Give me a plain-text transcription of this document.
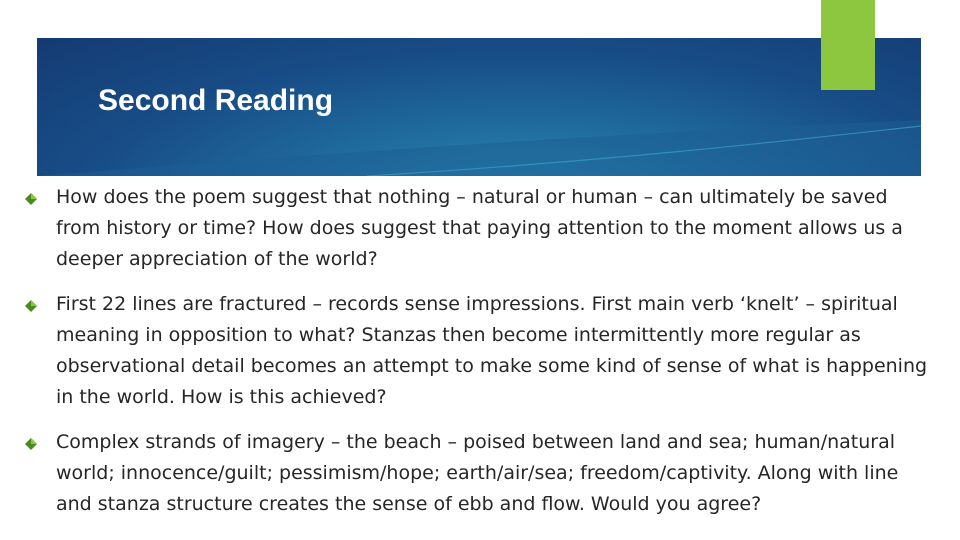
Second Reading
How does the poem suggest that nothing – natural or human – can ultimately be saved from history or time? How does suggest that paying attention to the moment allows us a deeper appreciation of the world?
First 22 lines are fractured – records sense impressions. First main verb ‘knelt’ – spiritual meaning in opposition to what? Stanzas then become intermittently more regular as observational detail becomes an attempt to make some kind of sense of what is happening in the world. How is this achieved?
Complex strands of imagery – the beach – poised between land and sea; human/natural world; innocence/guilt; pessimism/hope; earth/air/sea; freedom/captivity. Along with line and stanza structure creates the sense of ebb and flow. Would you agree?
